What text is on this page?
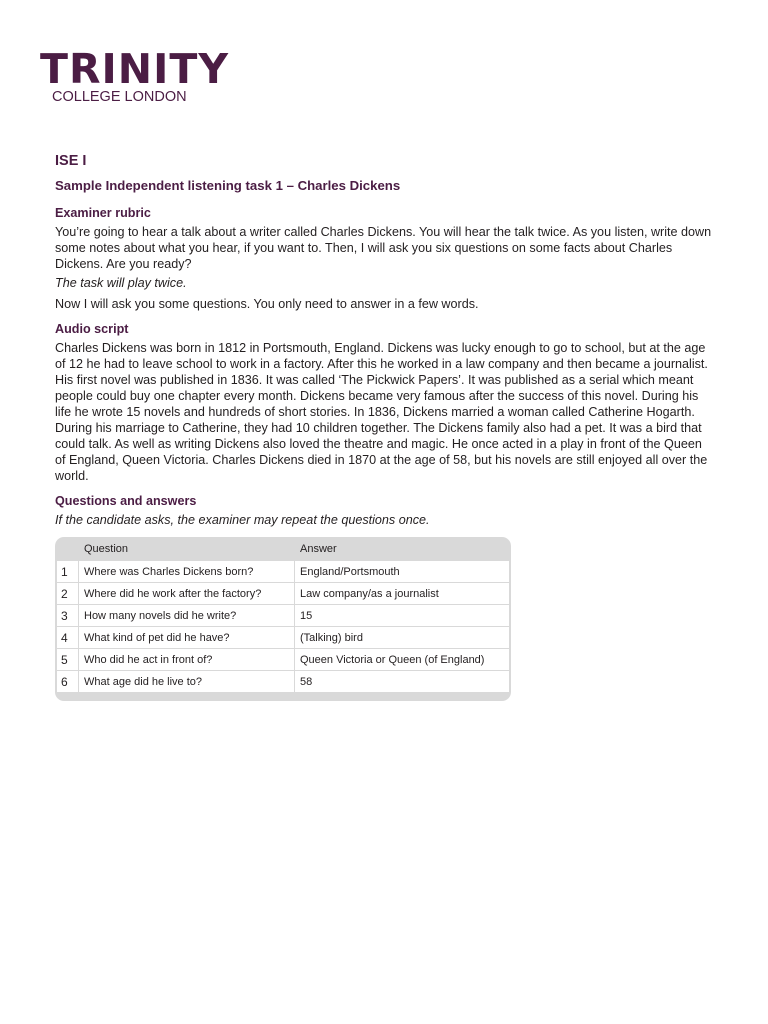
TRINITY
COLLEGE LONDON
ISE I
Sample Independent listening task 1 – Charles Dickens
Examiner rubric

You’re going to hear a talk about a writer called Charles Dickens. You will hear the talk twice. As you listen, write down some notes about what you hear, if you want to. Then, I will ask you six questions on some facts about Charles Dickens. Are you ready?

The task will play twice.

Now I will ask you some questions. You only need to answer in a few words.

Audio script

Charles Dickens was born in 1812 in Portsmouth, England. Dickens was lucky enough to go to school, but at the age of 12 he had to leave school to work in a factory. After this he worked in a law company and then became a journalist. His first novel was published in 1836. It was called ‘The Pickwick Papers’. It was published as a serial which meant people could buy one chapter every month. Dickens became very famous after the success of this novel. During his life he wrote 15 novels and hundreds of short stories. In 1836, Dickens married a woman called Catherine Hogarth. During his marriage to Catherine, they had 10 children together. The Dickens family also had a pet. It was a bird that could talk. As well as writing Dickens also loved the theatre and magic. He once acted in a play in front of the Queen of England, Queen Victoria. Charles Dickens died in 1870 at the age of 58, but his novels are still enjoyed all over the world.

Questions and answers

If the candidate asks, the examiner may repeat the questions once.

Question	Answer
1	Where was Charles Dickens born?	England/Portsmouth
2	Where did he work after the factory?	Law company/as a journalist
3	How many novels did he write?	15
4	What kind of pet did he have?	(Talking) bird
5	Who did he act in front of?	Queen Victoria or Queen (of England)
6	What age did he live to?	58
